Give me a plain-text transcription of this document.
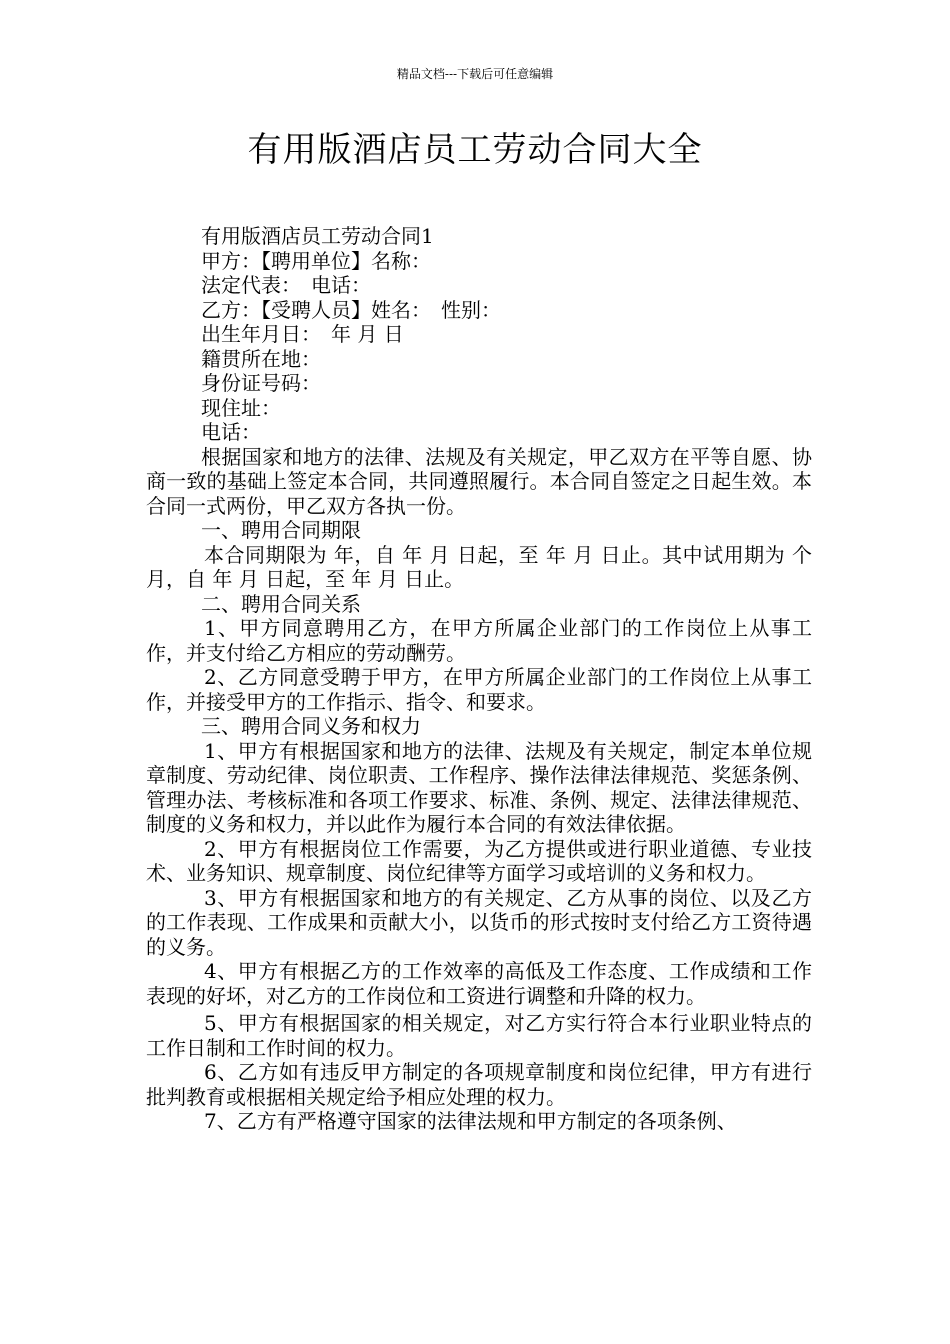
精品文档---下载后可任意编辑
有用版酒店员工劳动合同大全

有用版酒店员工劳动合同1

甲方：【聘用单位】名称：

法定代表：　电话：

乙方：【受聘人员】姓名：　性别：

出生年月日：　年 月 日

籍贯所在地：

身份证号码：

现住址：

电话：

根据国家和地方的法律、法规及有关规定，甲乙双方在平等自愿、协商一致的基础上签定本合同，共同遵照履行。本合同自签定之日起生效。本合同一式两份，甲乙双方各执一份。

一、聘用合同期限

本合同期限为 年，自 年 月 日起，至 年 月 日止。其中试用期为 个月，自 年 月 日起，至 年 月 日止。

二、聘用合同关系

1、甲方同意聘用乙方，在甲方所属企业部门的工作岗位上从事工作，并支付给乙方相应的劳动酬劳。

2、乙方同意受聘于甲方，在甲方所属企业部门的工作岗位上从事工作，并接受甲方的工作指示、指令、和要求。

三、聘用合同义务和权力

1、甲方有根据国家和地方的法律、法规及有关规定，制定本单位规章制度、劳动纪律、岗位职责、工作程序、操作法律法律规范、奖惩条例、管理办法、考核标准和各项工作要求、标准、条例、规定、法律法律规范、制度的义务和权力，并以此作为履行本合同的有效法律依据。

2、甲方有根据岗位工作需要，为乙方提供或进行职业道德、专业技术、业务知识、规章制度、岗位纪律等方面学习或培训的义务和权力。

3、甲方有根据国家和地方的有关规定、乙方从事的岗位、以及乙方的工作表现、工作成果和贡献大小，以货币的形式按时支付给乙方工资待遇的义务。

4、甲方有根据乙方的工作效率的高低及工作态度、工作成绩和工作表现的好坏，对乙方的工作岗位和工资进行调整和升降的权力。

5、甲方有根据国家的相关规定，对乙方实行符合本行业职业特点的工作日制和工作时间的权力。

6、乙方如有违反甲方制定的各项规章制度和岗位纪律，甲方有进行批判教育或根据相关规定给予相应处理的权力。

7、乙方有严格遵守国家的法律法规和甲方制定的各项条例、
